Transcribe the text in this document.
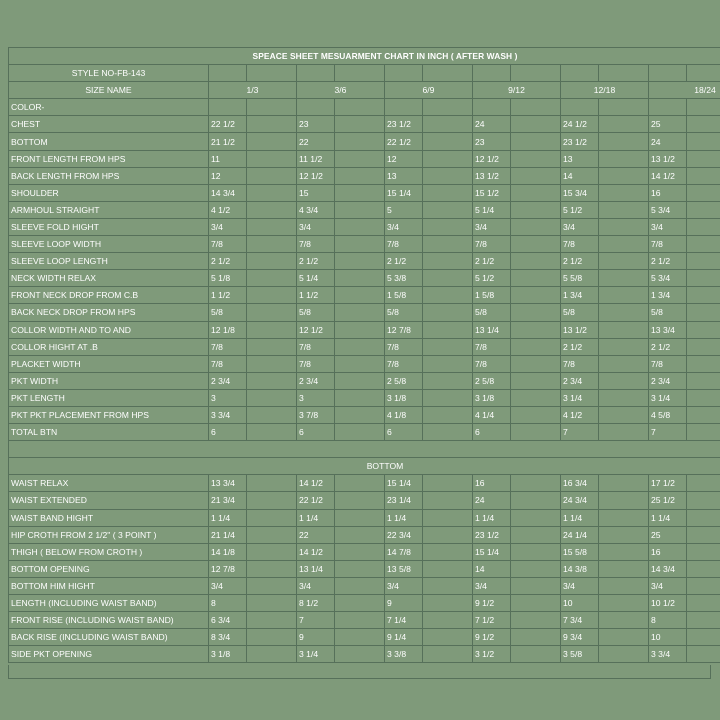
SPEACE SHEET MESUARMENT CHART IN INCH ( AFTER WASH )												
STYLE NO-FB-143												
SIZE NAME	1/3		3/6		6/9		9/12		12/18		18/24	
COLOR-												
CHEST	22 1/2		23		23 1/2		24		24 1/2		25	
BOTTOM	21 1/2		22		22 1/2		23		23 1/2		24	
FRONT LENGTH FROM HPS	11		11 1/2		12		12 1/2		13		13 1/2	
BACK LENGTH FROM HPS	12		12 1/2		13		13 1/2		14		14 1/2	
SHOULDER	14 3/4		15		15 1/4		15 1/2		15 3/4		16	
ARMHOUL STRAIGHT	4 1/2		4 3/4		5		5 1/4		5 1/2		5 3/4	
SLEEVE FOLD HIGHT	3/4		3/4		3/4		3/4		3/4		3/4	
SLEEVE LOOP WIDTH	7/8		7/8		7/8		7/8		7/8		7/8	
SLEEVE LOOP LENGTH	2 1/2		2 1/2		2 1/2		2 1/2		2 1/2		2 1/2	
NECK WIDTH RELAX	5 1/8		5 1/4		5 3/8		5 1/2		5 5/8		5 3/4	
FRONT NECK DROP FROM C.B	1 1/2		1 1/2		1 5/8		1 5/8		1 3/4		1 3/4	
BACK NECK DROP FROM HPS	5/8		5/8		5/8		5/8		5/8		5/8	
COLLOR WIDTH AND TO AND	12 1/8		12 1/2		12 7/8		13 1/4		13 1/2		13 3/4	
COLLOR HIGHT AT .B	7/8		7/8		7/8		7/8		2 1/2		2 1/2	
PLACKET WIDTH	7/8		7/8		7/8		7/8		7/8		7/8	
PKT WIDTH	2 3/4		2 3/4		2 5/8		2 5/8		2 3/4		2 3/4	
PKT LENGTH	3		3		3 1/8		3 1/8		3 1/4		3 1/4	
PKT PKT PLACEMENT FROM HPS	3 3/4		3 7/8		4 1/8		4 1/4		4 1/2		4 5/8	
TOTAL BTN	6		6		6		6		7		7	

BOTTOM												
WAIST RELAX	13 3/4		14 1/2		15 1/4		16		16 3/4		17 1/2	
WAIST EXTENDED	21 3/4		22 1/2		23 1/4		24		24 3/4		25 1/2	
WAIST BAND HIGHT	1 1/4		1 1/4		1 1/4		1 1/4		1 1/4		1 1/4	
HIP CROTH FROM 2 1/2" ( 3 POINT )	21 1/4		22		22 3/4		23 1/2		24 1/4		25	
THIGH ( BELOW FROM CROTH )	14 1/8		14 1/2		14 7/8		15 1/4		15 5/8		16	
BOTTOM OPENING	12 7/8		13 1/4		13 5/8		14		14 3/8		14 3/4	
BOTTOM HIM HIGHT	3/4		3/4		3/4		3/4		3/4		3/4	
LENGTH (INCLUDING WAIST BAND)	8		8 1/2		9		9 1/2		10		10 1/2	
FRONT RISE (INCLUDING WAIST BAND)	6 3/4		7		7 1/4		7 1/2		7 3/4		8	
BACK RISE (INCLUDING WAIST BAND)	8 3/4		9		9 1/4		9 1/2		9 3/4		10	
SIDE PKT OPENING	3 1/8		3 1/4		3 3/8		3 1/2		3 5/8		3 3/4	
